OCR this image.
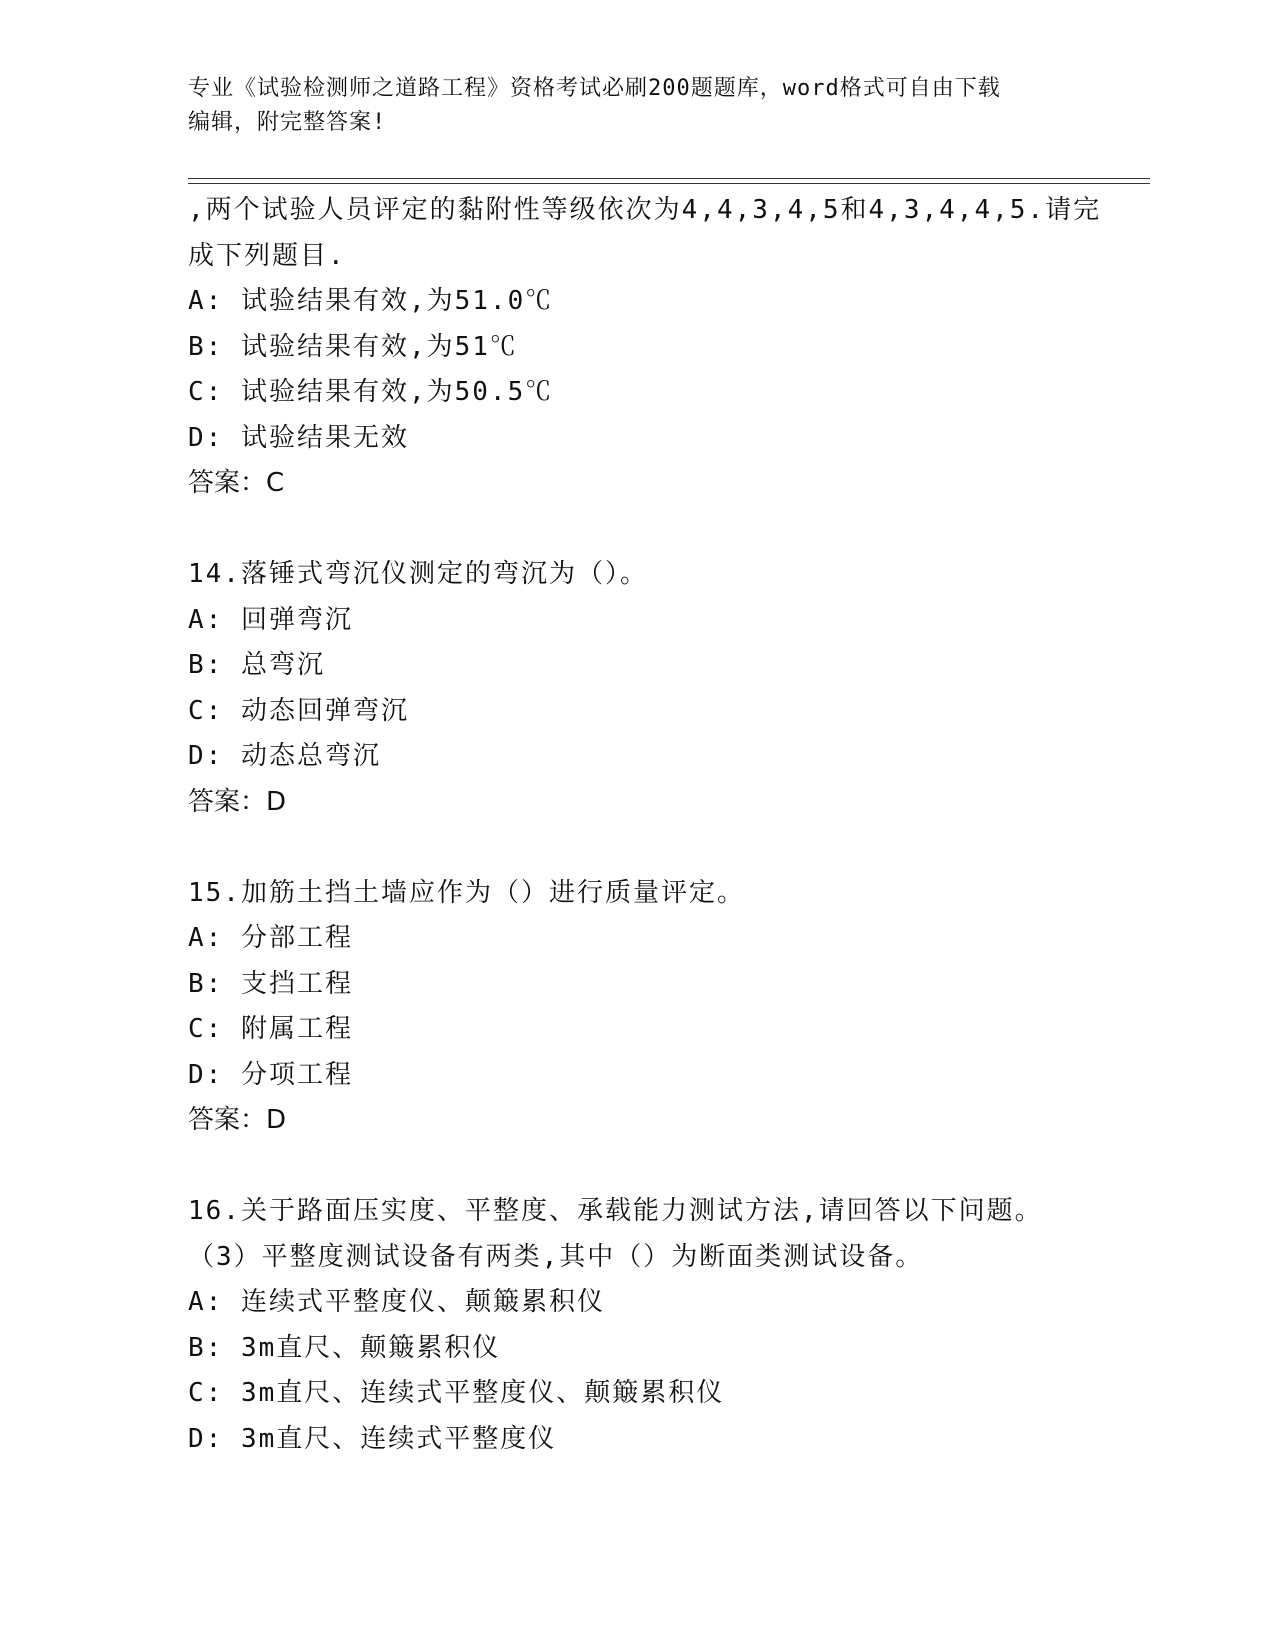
专业《试验检测师之道路工程》资格考试必刷200题题库，word格式可自由下载
编辑，附完整答案!
,两个试验人员评定的黏附性等级依次为4,4,3,4,5和4,3,4,4,5.请完
成下列题目.
A: 试验结果有效,为51.0℃
B: 试验结果有效,为51℃
C: 试验结果有效,为50.5℃
D: 试验结果无效
答案：C
14.落锤式弯沉仪测定的弯沉为（）。
A: 回弹弯沉
B: 总弯沉
C: 动态回弹弯沉
D: 动态总弯沉
答案：D
15.加筋土挡土墙应作为（）进行质量评定。
A: 分部工程
B: 支挡工程
C: 附属工程
D: 分项工程
答案：D
16.关于路面压实度、平整度、承载能力测试方法,请回答以下问题。
（3）平整度测试设备有两类,其中（）为断面类测试设备。
A: 连续式平整度仪、颠簸累积仪
B: 3m直尺、颠簸累积仪
C: 3m直尺、连续式平整度仪、颠簸累积仪
D: 3m直尺、连续式平整度仪
